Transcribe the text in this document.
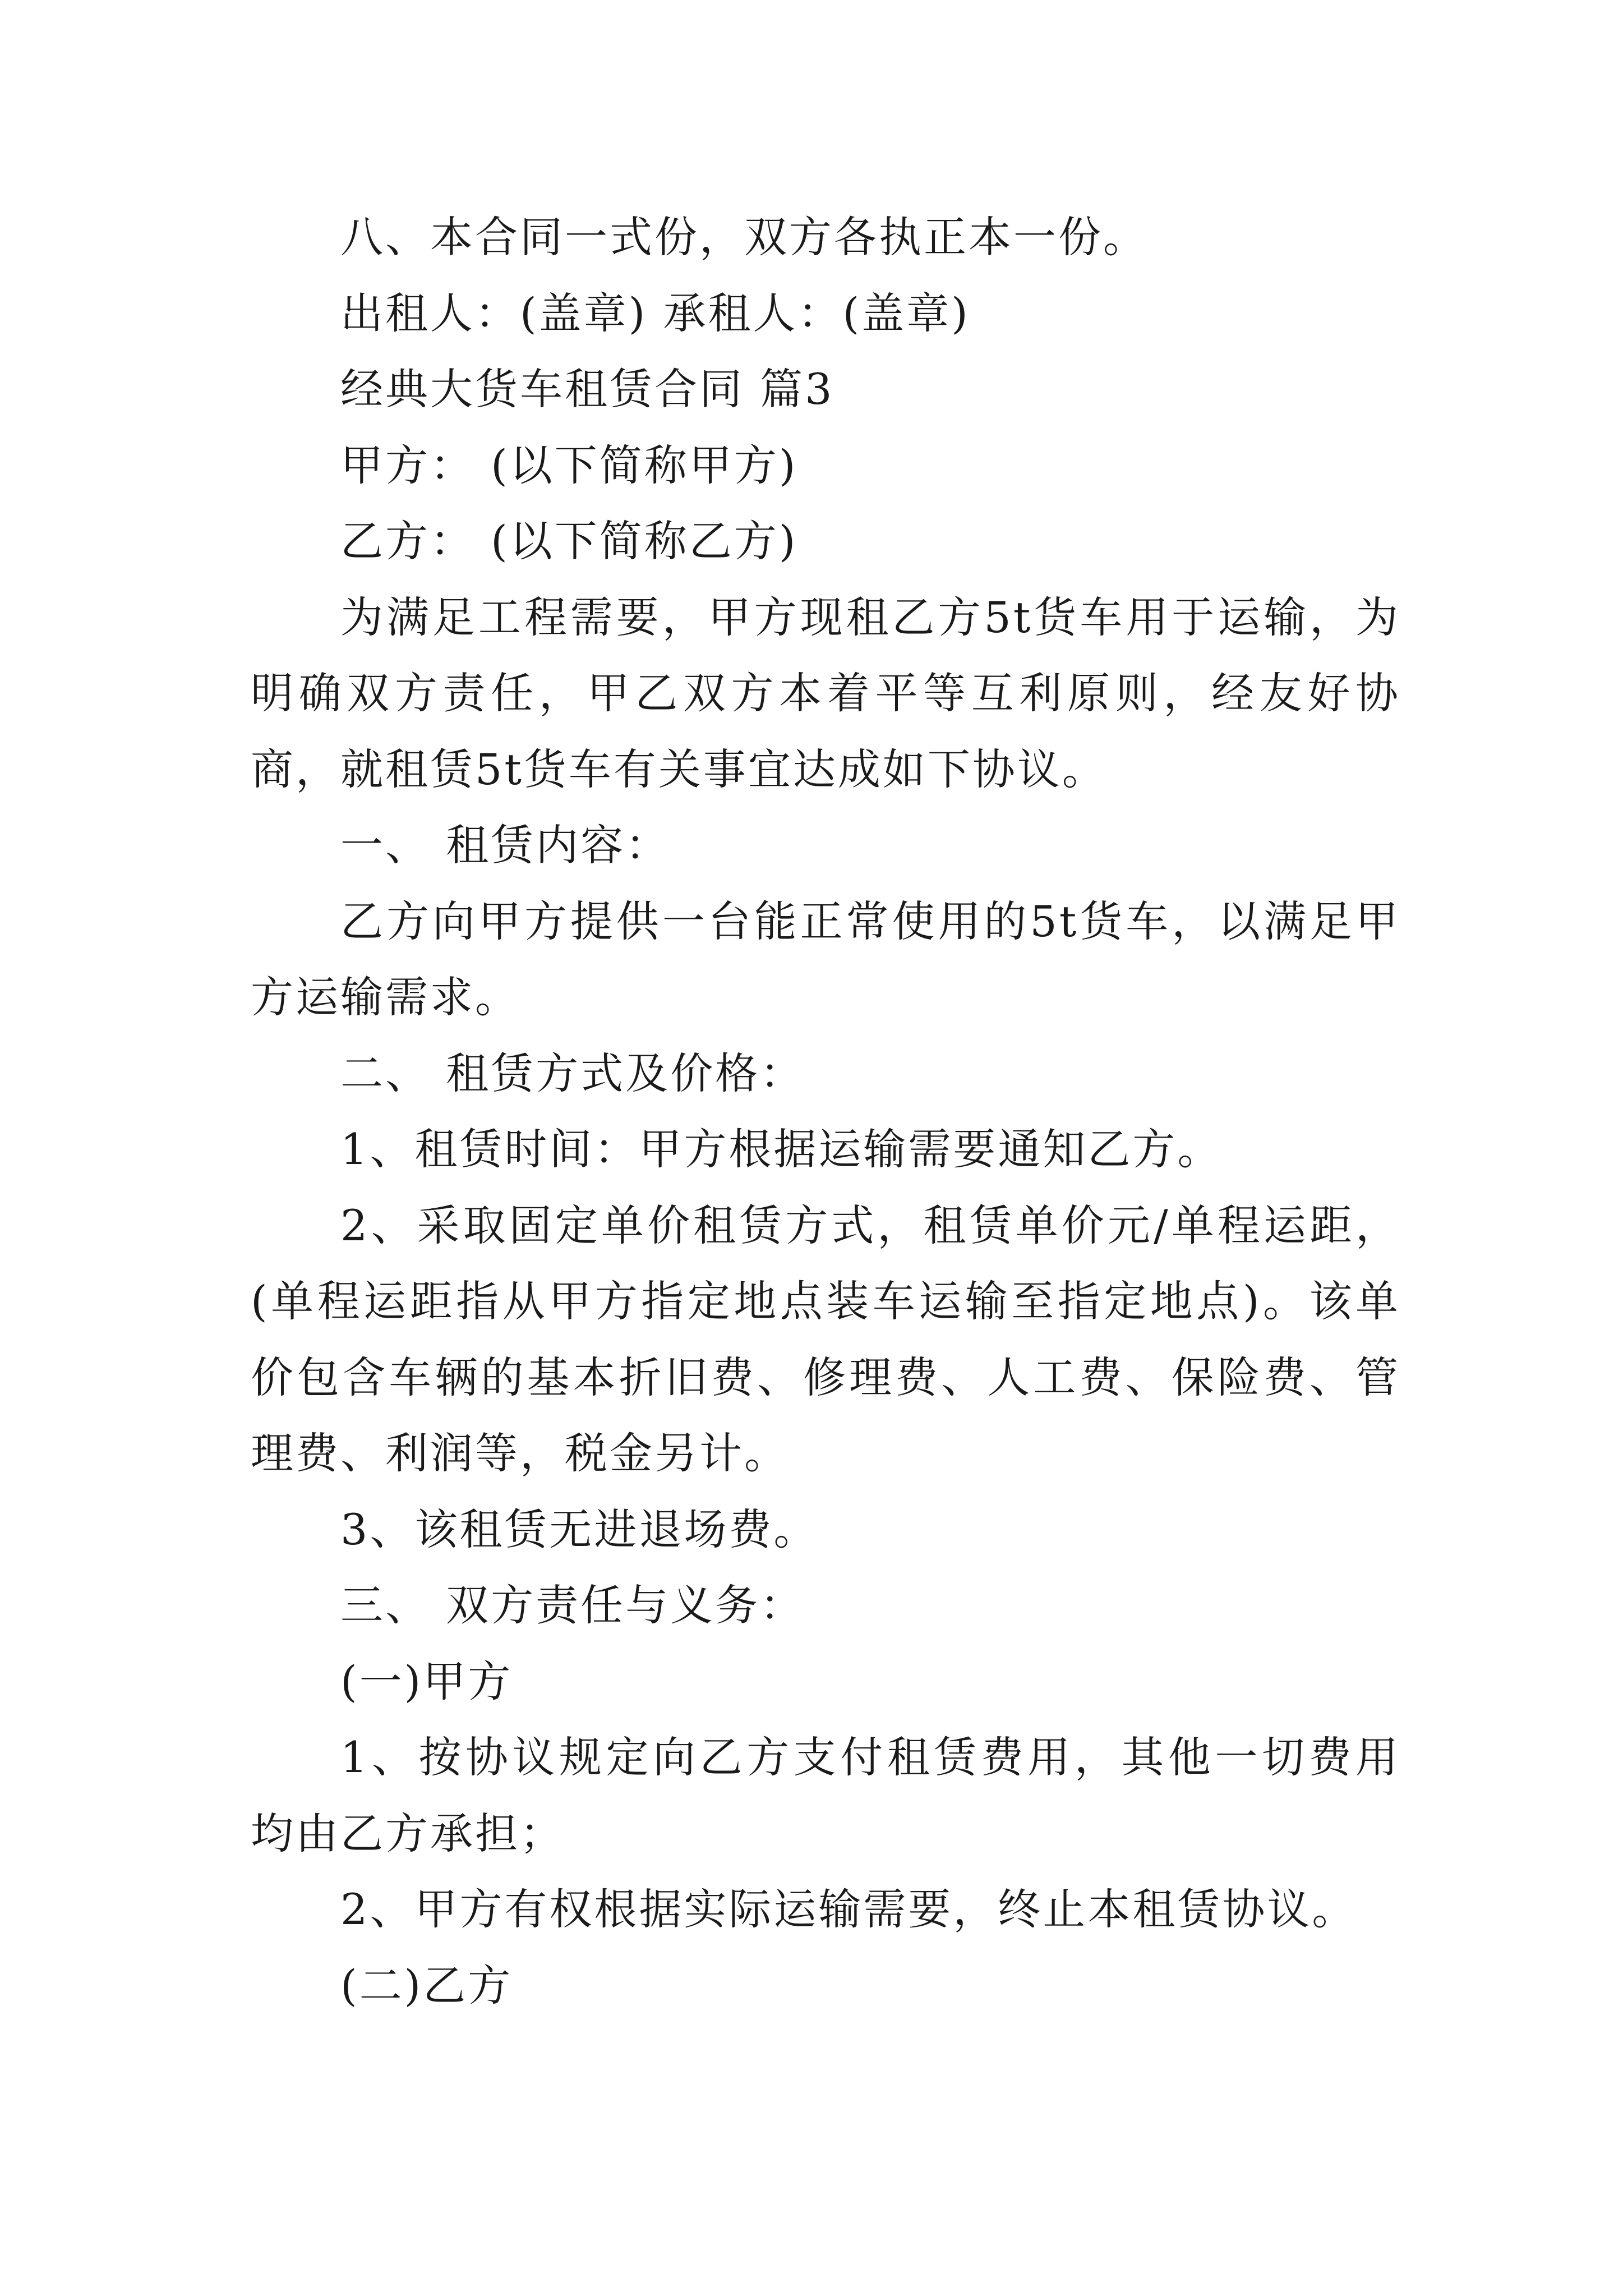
八、本合同一式份，双方各执正本一份。

出租人：(盖章) 承租人：(盖章)

经典大货车租赁合同 篇3

甲方： (以下简称甲方)

乙方： (以下简称乙方)

为满足工程需要，甲方现租乙方5t货车用于运输，为明确双方责任，甲乙双方本着平等互利原则，经友好协商，就租赁5t货车有关事宜达成如下协议。

一、 租赁内容：

乙方向甲方提供一台能正常使用的5t货车，以满足甲方运输需求。

二、 租赁方式及价格：

1、租赁时间：甲方根据运输需要通知乙方。

2、采取固定单价租赁方式，租赁单价元/单程运距，(单程运距指从甲方指定地点装车运输至指定地点)。该单价包含车辆的基本折旧费、修理费、人工费、保险费、管理费、利润等，税金另计。

3、该租赁无进退场费。

三、 双方责任与义务：

(一)甲方

1、按协议规定向乙方支付租赁费用，其他一切费用均由乙方承担；

2、甲方有权根据实际运输需要，终止本租赁协议。

(二)乙方
